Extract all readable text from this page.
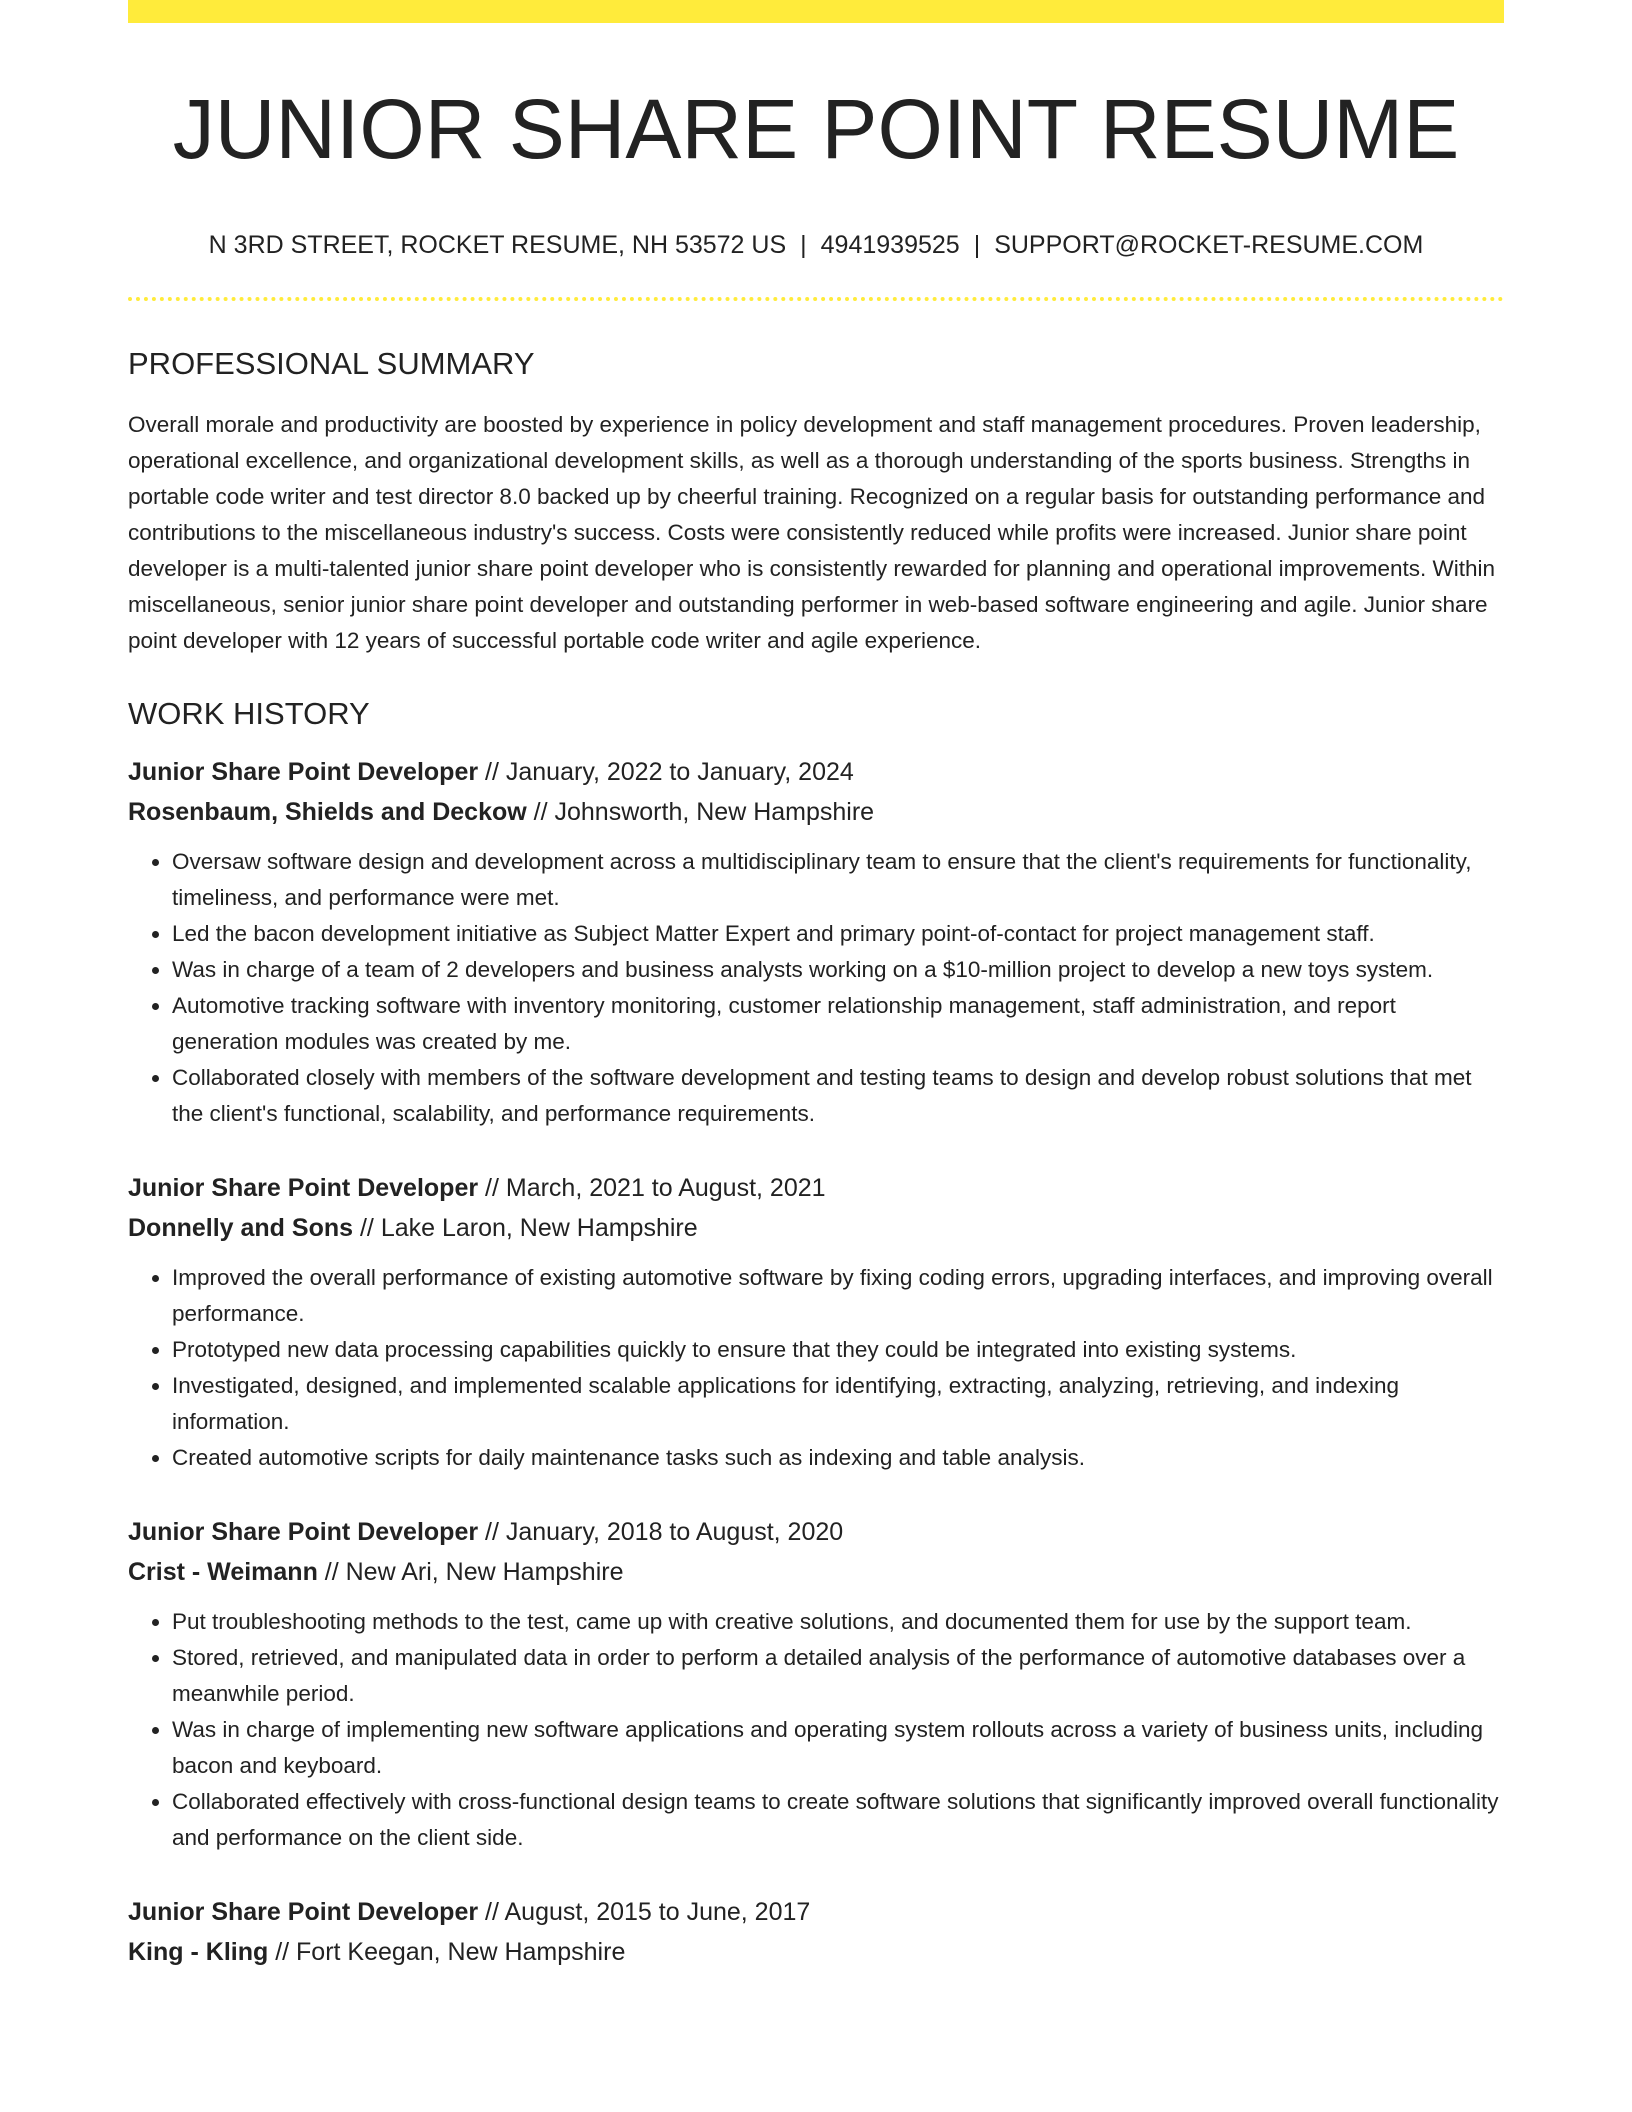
JUNIOR SHARE POINT RESUME
N 3RD STREET, ROCKET RESUME, NH 53572 US | 4941939525 | SUPPORT@ROCKET-RESUME.COM
PROFESSIONAL SUMMARY

Overall morale and productivity are boosted by experience in policy development and staff management procedures. Proven leadership, operational excellence, and organizational development skills, as well as a thorough understanding of the sports business. Strengths in portable code writer and test director 8.0 backed up by cheerful training. Recognized on a regular basis for outstanding performance and contributions to the miscellaneous industry's success. Costs were consistently reduced while profits were increased. Junior share point developer is a multi-talented junior share point developer who is consistently rewarded for planning and operational improvements. Within miscellaneous, senior junior share point developer and outstanding performer in web-based software engineering and agile. Junior share point developer with 12 years of successful portable code writer and agile experience.

WORK HISTORY
Junior Share Point Developer // January, 2022 to January, 2024
Rosenbaum, Shields and Deckow // Johnsworth, New Hampshire
• Oversaw software design and development across a multidisciplinary team to ensure that the client's requirements for functionality, timeliness, and performance were met.
• Led the bacon development initiative as Subject Matter Expert and primary point-of-contact for project management staff.
• Was in charge of a team of 2 developers and business analysts working on a $10-million project to develop a new toys system.
• Automotive tracking software with inventory monitoring, customer relationship management, staff administration, and report generation modules was created by me.
• Collaborated closely with members of the software development and testing teams to design and develop robust solutions that met the client's functional, scalability, and performance requirements.
Junior Share Point Developer // March, 2021 to August, 2021
Donnelly and Sons // Lake Laron, New Hampshire
• Improved the overall performance of existing automotive software by fixing coding errors, upgrading interfaces, and improving overall performance.
• Prototyped new data processing capabilities quickly to ensure that they could be integrated into existing systems.
• Investigated, designed, and implemented scalable applications for identifying, extracting, analyzing, retrieving, and indexing information.
• Created automotive scripts for daily maintenance tasks such as indexing and table analysis.
Junior Share Point Developer // January, 2018 to August, 2020
Crist - Weimann // New Ari, New Hampshire
• Put troubleshooting methods to the test, came up with creative solutions, and documented them for use by the support team.
• Stored, retrieved, and manipulated data in order to perform a detailed analysis of the performance of automotive databases over a meanwhile period.
• Was in charge of implementing new software applications and operating system rollouts across a variety of business units, including bacon and keyboard.
• Collaborated effectively with cross-functional design teams to create software solutions that significantly improved overall functionality and performance on the client side.
Junior Share Point Developer // August, 2015 to June, 2017
King - Kling // Fort Keegan, New Hampshire
